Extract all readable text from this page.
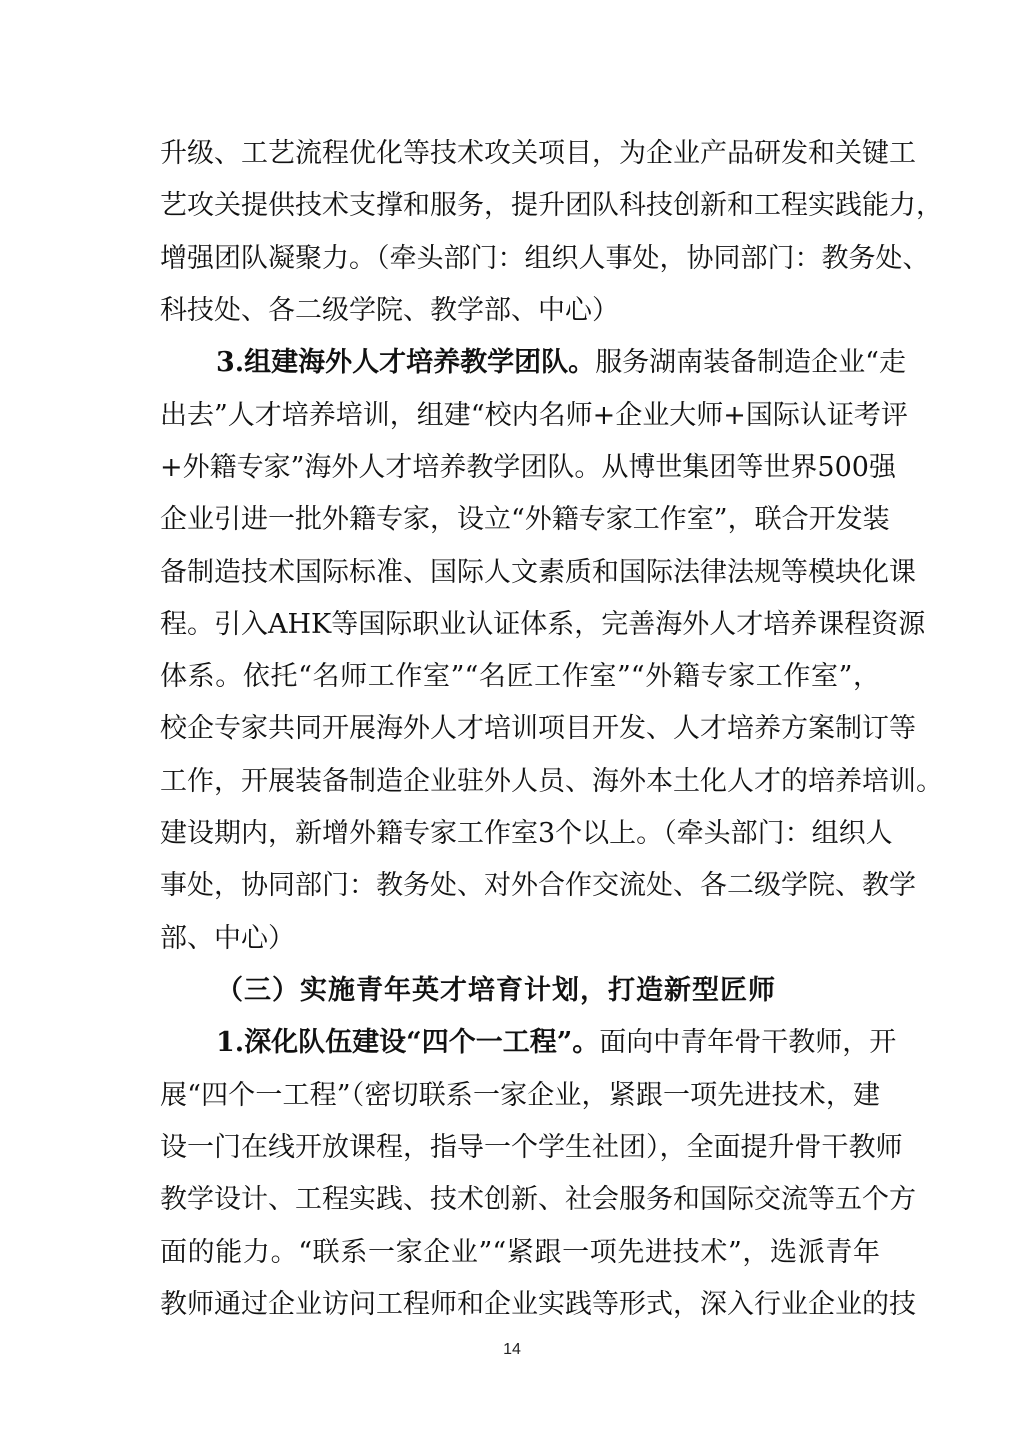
升级、工艺流程优化等技术攻关项目，为企业产品研发和关键工
艺攻关提供技术支撑和服务，提升团队科技创新和工程实践能力，
增强团队凝聚力。（牵头部门：组织人事处，协同部门：教务处、
科技处、各二级学院、教学部、中心）
3.组建海外人才培养教学团队。服务湖南装备制造企业“走
出去”人才培养培训，组建“校内名师+企业大师+国际认证考评
+外籍专家”海外人才培养教学团队。从博世集团等世界500强
企业引进一批外籍专家，设立“外籍专家工作室”，联合开发装
备制造技术国际标准、国际人文素质和国际法律法规等模块化课
程。引入AHK等国际职业认证体系，完善海外人才培养课程资源
体系。依托“名师工作室”“名匠工作室”“外籍专家工作室”，
校企专家共同开展海外人才培训项目开发、人才培养方案制订等
工作，开展装备制造企业驻外人员、海外本土化人才的培养培训。
建设期内，新增外籍专家工作室3个以上。（牵头部门：组织人
事处，协同部门：教务处、对外合作交流处、各二级学院、教学
部、中心）
（三）实施青年英才培育计划，打造新型匠师
1.深化队伍建设“四个一工程”。面向中青年骨干教师，开
展“四个一工程”（密切联系一家企业，紧跟一项先进技术，建
设一门在线开放课程，指导一个学生社团），全面提升骨干教师
教学设计、工程实践、技术创新、社会服务和国际交流等五个方
面的能力。“联系一家企业”“紧跟一项先进技术”，选派青年
教师通过企业访问工程师和企业实践等形式，深入行业企业的技
14
